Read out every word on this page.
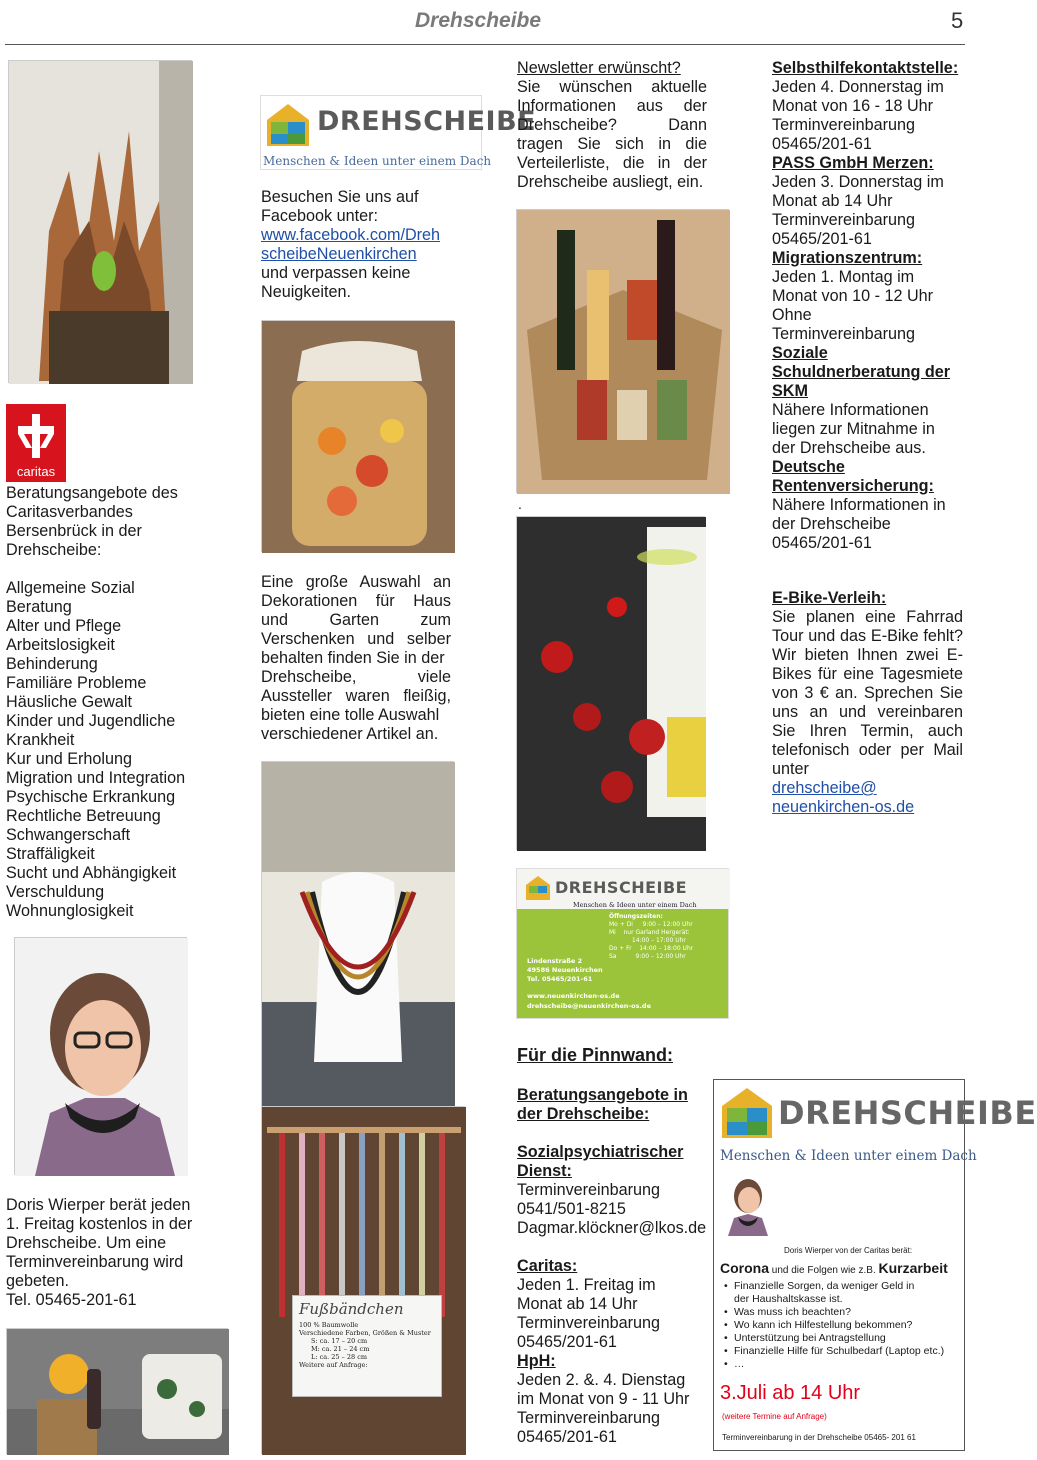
Drehscheibe	5
caritas
Beratungsangebote des
Caritasverbandes
Bersenbrück in der
Drehscheibe:
Allgemeine Sozial
Beratung
Alter und Pflege
Arbeitslosigkeit
Behinderung
Familiäre Probleme
Häusliche Gewalt
Kinder und Jugendliche
Krankheit
Kur und Erholung
Migration und Integration
Psychische Erkrankung
Rechtliche Betreuung
Schwangerschaft
Straffäligkeit
Sucht und Abhängigkeit
Verschuldung
Wohnunglosigkeit
Doris Wierper berät jeden
1. Freitag kostenlos in der
Drehscheibe. Um eine
Terminvereinbarung wird
gebeten.
Tel. 05465-201-61
DREHSCHEIBE
Menschen & Ideen unter einem Dach
Besuchen Sie uns auf
Facebook unter:
www.facebook.com/Dreh
scheibeNeuenkirchen
und verpassen keine
Neuigkeiten.
Eine große Auswahl an
Dekorationen für Haus
und Garten zum
Verschenken und selber
behalten finden Sie in der
Drehscheibe, viele
Aussteller waren fleißig,
bieten eine tolle Auswahl
verschiedener Artikel an.
Fußbändchen
100 % Baumwolle
Verschiedene Farben, Größen & Muster
S: ca. 17 – 20 cm
M: ca. 21 – 24 cm
L: ca. 25 – 28 cm
Weitere auf Anfrage:
Newsletter erwünscht?
Sie wünschen aktuelle
Informationen aus der
Drehscheibe? Dann
tragen Sie sich in die
Verteilerliste, die in der
Drehscheibe ausliegt, ein.
.
DREHSCHEIBE
Menschen & Ideen unter einem Dach
Öffnungszeiten:
Mo + Di     9:00 – 12:00 Uhr
Mi    nur Garland Hergerät:
14:00 – 17:00 Uhr
Do + Fr    14:00 – 18:00 Uhr
Sa          9:00 – 12:00 Uhr
Lindenstraße 2
49586 Neuenkirchen
Tel. 05465/201-61
www.neuenkirchen-os.de
drehscheibe@neuenkirchen-os.de
Für die Pinnwand:
Beratungsangebote in
der Drehscheibe:

Sozialpsychiatrischer
Dienst:
Terminvereinbarung
0541/501-8215
Dagmar.klöckner@lkos.de

Caritas:
Jeden 1. Freitag im
Monat ab 14 Uhr
Terminvereinbarung
05465/201-61
HpH:
Jeden 2. &. 4. Dienstag
im Monat von 9 - 11 Uhr
Terminvereinbarung
05465/201-61
Selbsthilfekontaktstelle:
Jeden 4. Donnerstag im
Monat von 16 - 18 Uhr
Terminvereinbarung
05465/201-61
PASS GmbH Merzen:
Jeden 3. Donnerstag im
Monat ab 14 Uhr
Terminvereinbarung
05465/201-61
Migrationszentrum:
Jeden 1. Montag im
Monat von 10 - 12 Uhr
Ohne
Terminvereinbarung
Soziale
Schuldnerberatung der
SKM
Nähere Informationen
liegen zur Mitnahme in
der Drehscheibe aus.
Deutsche
Rentenversicherung:
Nähere Informationen in
der Drehscheibe
05465/201-61
E-Bike-Verleih:
Sie planen eine Fahrrad
Tour und das E-Bike fehlt?
Wir bieten Ihnen zwei E-
Bikes für eine Tagesmiete
von 3 € an. Sprechen Sie
uns an und vereinbaren
Sie Ihren Termin, auch
telefonisch oder per Mail
unter
drehscheibe@
neuenkirchen-os.de
DREHSCHEIBE
Menschen & Ideen unter einem Dach
Doris Wierper von der Caritas berät:
Corona und die Folgen wie z.B. Kurzarbeit
• Finanzielle Sorgen, da weniger Geld in der Haushaltskasse ist.
• Was muss ich beachten?
• Wo kann ich Hilfestellung bekommen?
• Unterstützung bei Antragstellung
• Finanzielle Hilfe für Schulbedarf (Laptop etc.)
• …
3.Juli ab 14 Uhr
(weitere Termine auf Anfrage)
Terminvereinbarung in der Drehscheibe 05465- 201 61
